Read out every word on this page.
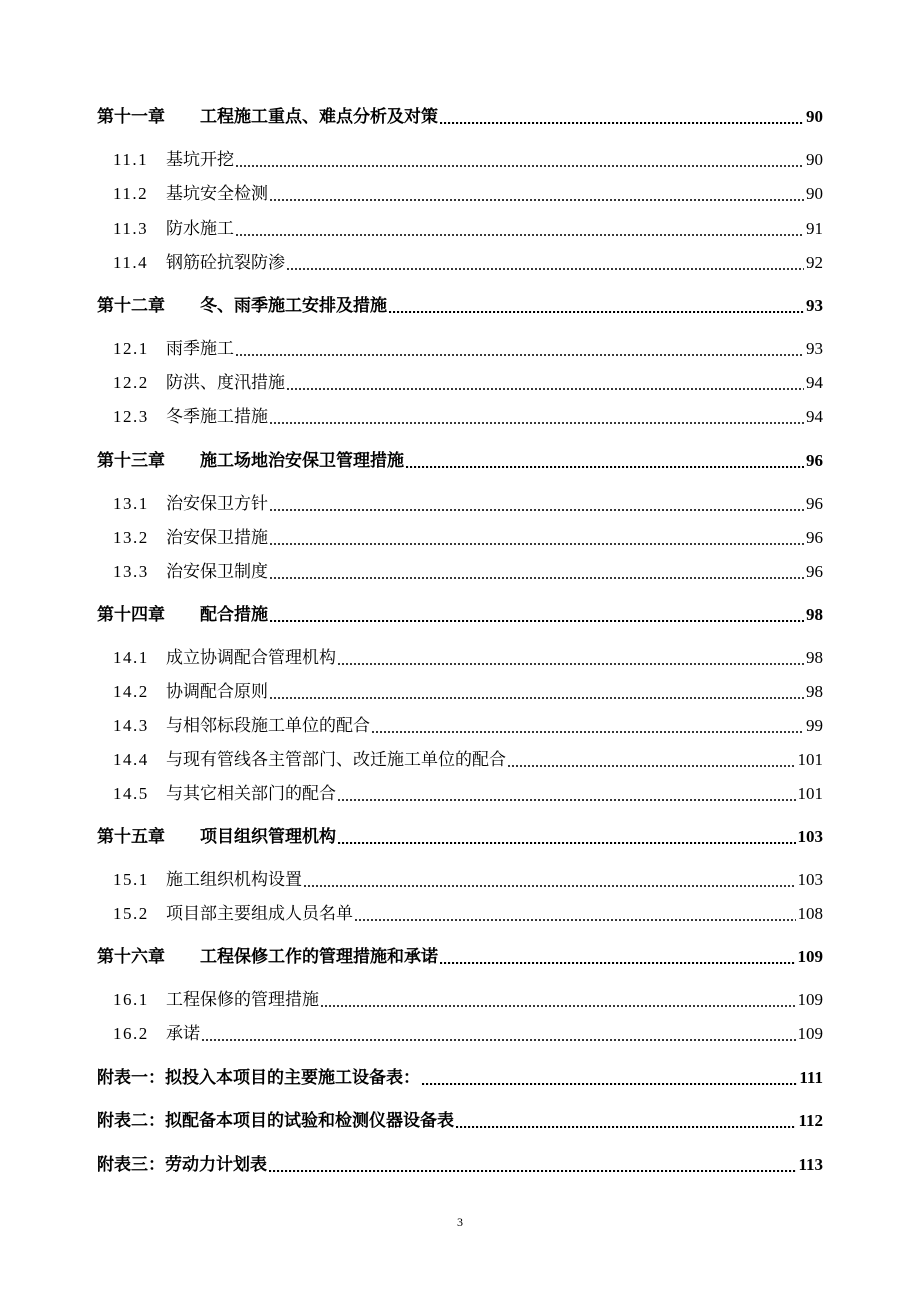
第十一章	工程施工重点、难点分析及对策	90
11.1	基坑开挖	90
11.2	基坑安全检测	90
11.3	防水施工	91
11.4	钢筋砼抗裂防渗	92
第十二章	冬、雨季施工安排及措施	93
12.1	雨季施工	93
12.2	防洪、度汛措施	94
12.3	冬季施工措施	94
第十三章	施工场地治安保卫管理措施	96
13.1	治安保卫方针	96
13.2	治安保卫措施	96
13.3	治安保卫制度	96
第十四章	配合措施	98
14.1	成立协调配合管理机构	98
14.2	协调配合原则	98
14.3	与相邻标段施工单位的配合	99
14.4	与现有管线各主管部门、改迁施工单位的配合	101
14.5	与其它相关部门的配合	101
第十五章	项目组织管理机构	103
15.1	施工组织机构设置	103
15.2	项目部主要组成人员名单	108
第十六章	工程保修工作的管理措施和承诺	109
16.1	工程保修的管理措施	109
16.2	承诺	109
附表一：拟投入本项目的主要施工设备表：	111
附表二：拟配备本项目的试验和检测仪器设备表	112
附表三：劳动力计划表	113
3
